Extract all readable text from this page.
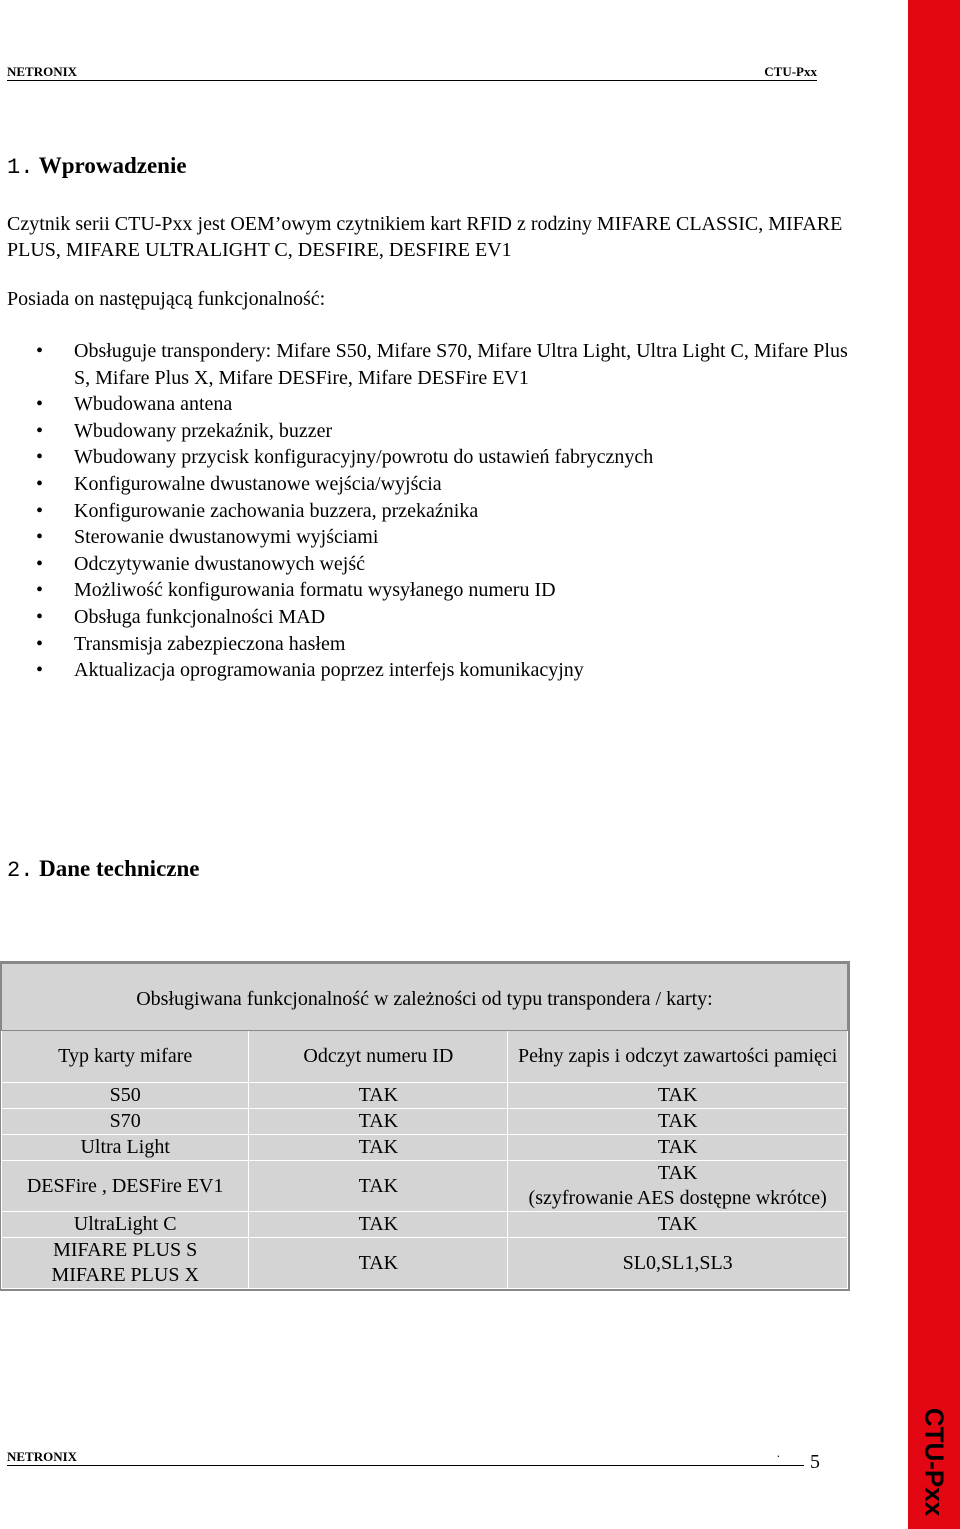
CTU-Pxx
NETRONIX	CTU-Pxx
1. Wprowadzenie
Czytnik serii CTU-Pxx jest OEM’owym czytnikiem kart RFID z rodziny MIFARE CLASSIC, MIFARE PLUS, MIFARE ULTRALIGHT C, DESFIRE, DESFIRE EV1
Posiada on następującą funkcjonalność:
• Obsługuje transpondery: Mifare S50, Mifare S70, Mifare Ultra Light, Ultra Light C, Mifare Plus S, Mifare Plus X, Mifare DESFire, Mifare DESFire EV1
• Wbudowana antena
• Wbudowany przekaźnik, buzzer
• Wbudowany przycisk konfiguracyjny/powrotu do ustawień fabrycznych
• Konfigurowalne dwustanowe wejścia/wyjścia
• Konfigurowanie zachowania buzzera, przekaźnika
• Sterowanie dwustanowymi wyjściami
• Odczytywanie dwustanowych wejść
• Możliwość konfigurowania formatu wysyłanego numeru ID
• Obsługa funkcjonalności MAD
• Transmisja zabezpieczona hasłem
• Aktualizacja oprogramowania poprzez interfejs komunikacyjny
2. Dane techniczne
Obsługiwana funkcjonalność w zależności od typu transpondera / karty:		
Typ karty mifare	Odczyt numeru ID	Pełny zapis i odczyt zawartości pamięci
S50	TAK	TAK
S70	TAK	TAK
Ultra Light	TAK	TAK
DESFire , DESFire EV1	TAK	TAK
(szyfrowanie AES dostępne wkrótce)
UltraLight C	TAK	TAK
MIFARE PLUS S
MIFARE PLUS X	TAK	SL0,SL1,SL3
NETRONIX	. 5
